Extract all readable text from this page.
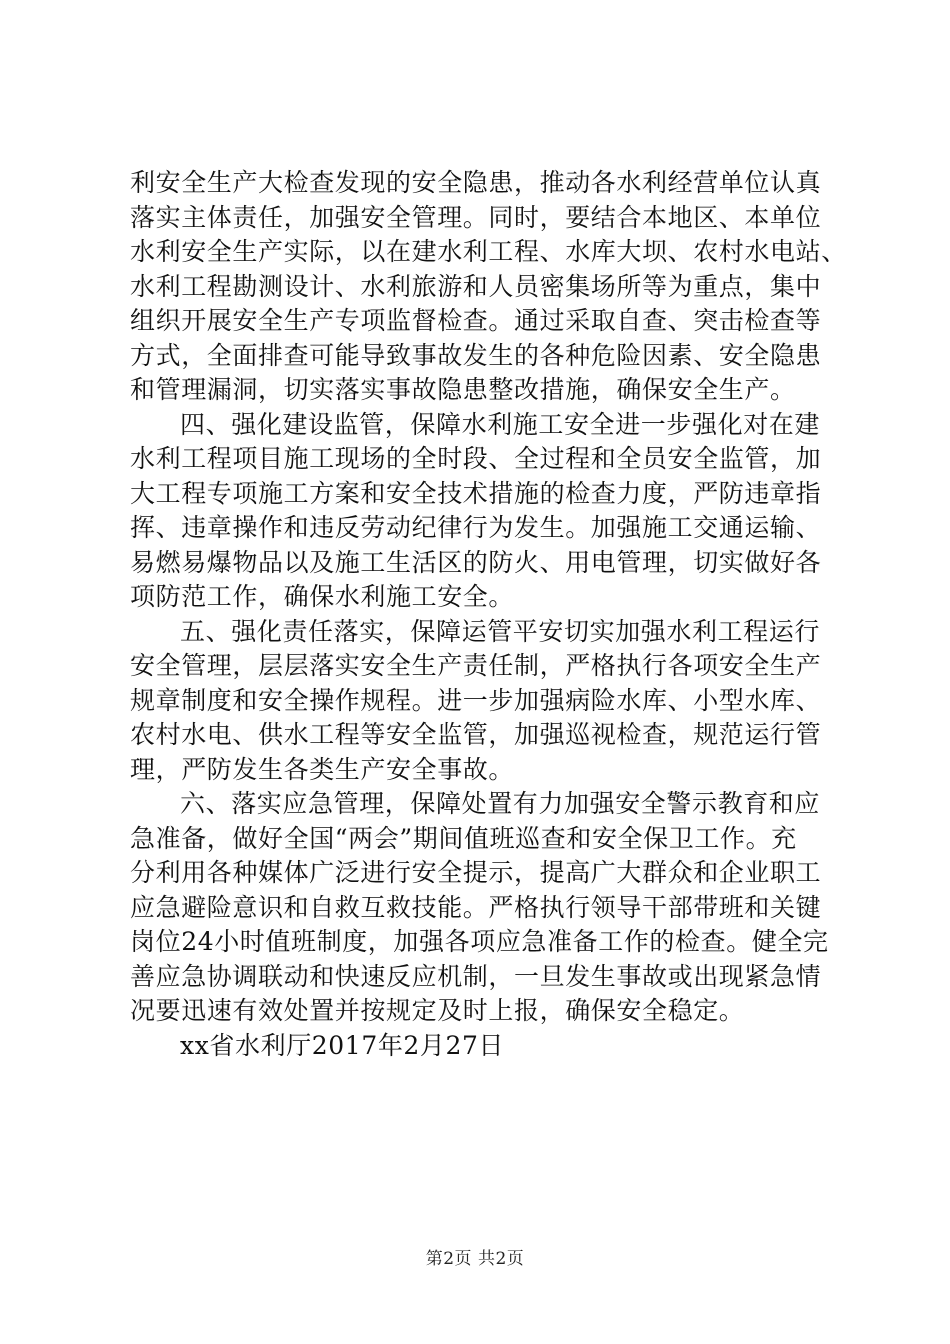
利安全生产大检查发现的安全隐患，推动各水利经营单位认真
落实主体责任，加强安全管理。同时，要结合本地区、本单位
水利安全生产实际，以在建水利工程、水库大坝、农村水电站、
水利工程勘测设计、水利旅游和人员密集场所等为重点，集中
组织开展安全生产专项监督检查。通过采取自查、突击检查等
方式，全面排查可能导致事故发生的各种危险因素、安全隐患
和管理漏洞，切实落实事故隐患整改措施，确保安全生产。
四、强化建设监管，保障水利施工安全进一步强化对在建
水利工程项目施工现场的全时段、全过程和全员安全监管，加
大工程专项施工方案和安全技术措施的检查力度，严防违章指
挥、违章操作和违反劳动纪律行为发生。加强施工交通运输、
易燃易爆物品以及施工生活区的防火、用电管理，切实做好各
项防范工作，确保水利施工安全。
五、强化责任落实，保障运管平安切实加强水利工程运行
安全管理，层层落实安全生产责任制，严格执行各项安全生产
规章制度和安全操作规程。进一步加强病险水库、小型水库、
农村水电、供水工程等安全监管，加强巡视检查，规范运行管
理，严防发生各类生产安全事故。
六、落实应急管理，保障处置有力加强安全警示教育和应
急准备，做好全国“两会”期间值班巡查和安全保卫工作。充
分利用各种媒体广泛进行安全提示，提高广大群众和企业职工
应急避险意识和自救互救技能。严格执行领导干部带班和关键
岗位24小时值班制度，加强各项应急准备工作的检查。健全完
善应急协调联动和快速反应机制，一旦发生事故或出现紧急情
况要迅速有效处置并按规定及时上报，确保安全稳定。
xx省水利厅2017年2月27日
第2页 共2页
